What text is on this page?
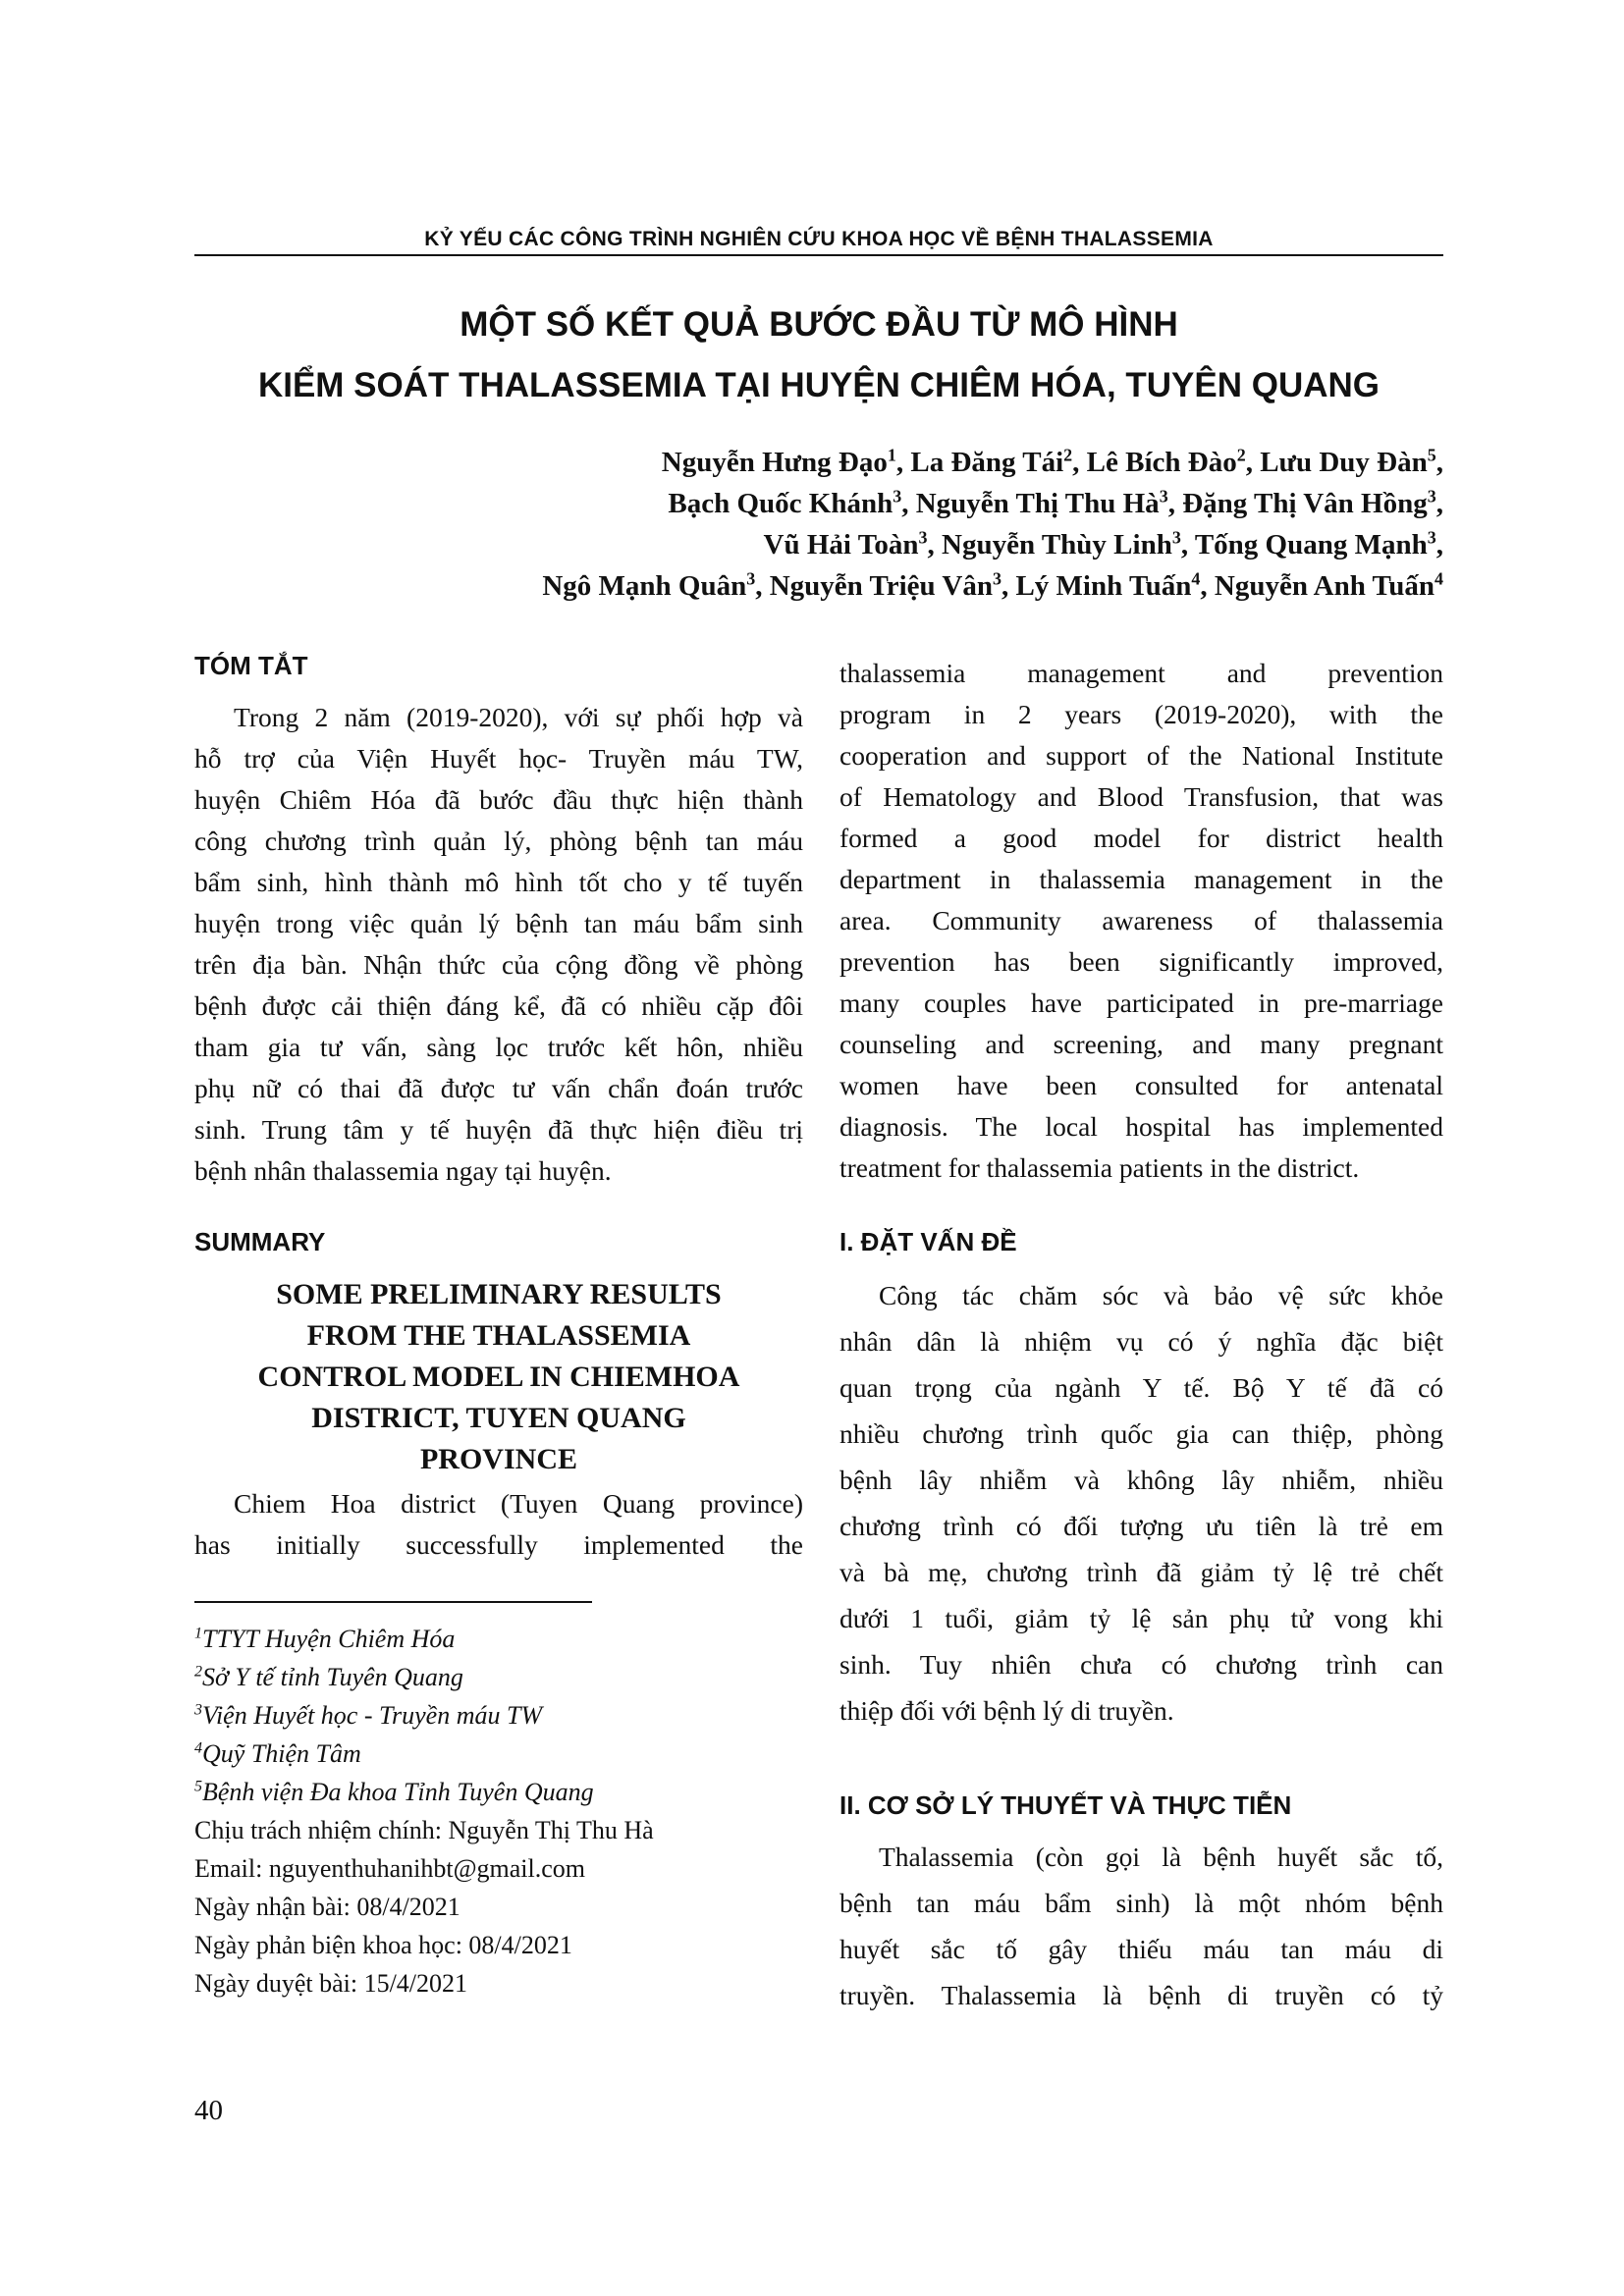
KỶ YẾU CÁC CÔNG TRÌNH NGHIÊN CỨU KHOA HỌC VỀ BỆNH THALASSEMIA
MỘT SỐ KẾT QUẢ BƯỚC ĐẦU TỪ MÔ HÌNH
KIỂM SOÁT THALASSEMIA TẠI HUYỆN CHIÊM HÓA, TUYÊN QUANG
Nguyễn Hưng Đạo$^1$, La Đăng Tái$^2$, Lê Bích Đào$^2$, Lưu Duy Đàn$^5$,
Bạch Quốc Khánh$^3$, Nguyễn Thị Thu $Hà^3$, Đặng Thị Vân Hồng$^3$,
Vũ Hải Toàn$^3$, Nguyễn Thùy Linh$^3$, Tống Quang Mạnh$^3$,
Ngô Mạnh Quân$^3$, Nguyễn Triệu Vân$^3$, Lý Minh Tuấn$^4$, Nguyễn Anh Tuấn$^4$
TÓM TẮT
Trong 2 năm (2019-2020), với sự phối hợp và
hỗ trợ của Viện Huyết học- Truyền máu TW,
huyện Chiêm Hóa đã bước đầu thực hiện thành
công chương trình quản lý, phòng bệnh tan máu
bẩm sinh, hình thành mô hình tốt cho y tế tuyến
huyện trong việc quản lý bệnh tan máu bẩm sinh
trên địa bàn. Nhận thức của cộng đồng về phòng
bệnh được cải thiện đáng kể, đã có nhiều cặp đôi
tham gia tư vấn, sàng lọc trước kết hôn, nhiều
phụ nữ có thai đã được tư vấn chẩn đoán trước
sinh. Trung tâm y tế huyện đã thực hiện điều trị
bệnh nhân thalassemia ngay tại huyện.
SUMMARY
SOME PRELIMINARY RESULTS
FROM THE THALASSEMIA
CONTROL MODEL IN CHIEMHOA
DISTRICT, TUYEN QUANG
PROVINCE
Chiem Hoa district (Tuyen Quang province)
has initially successfully implemented the
$^1$TTYT Huyện Chiêm Hóa
$^2$Sở Y tế tỉnh Tuyên Quang
$^3$Viện Huyết học - Truyền máu TW
$^4$Quỹ Thiện Tâm
$^5$Bệnh viện Đa khoa Tỉnh Tuyên Quang
Chịu trách nhiệm chính: Nguyễn Thị Thu Hà
Email: nguyenthuhanihbt@gmail.com
Ngày nhận bài: 08/4/2021
Ngày phản biện khoa học: 08/4/2021
Ngày duyệt bài: 15/4/2021
40
thalassemia management and prevention
program in 2 years (2019-2020), with the
cooperation and support of the National Institute
of Hematology and Blood Transfusion, that was
formed a good model for district health
department in thalassemia management in the
area. Community awareness of thalassemia
prevention has been significantly improved,
many couples have participated in pre-marriage
counseling and screening, and many pregnant
women have been consulted for antenatal
diagnosis. The local hospital has implemented
treatment for thalassemia patients in the district.
I. ĐẶT VẤN ĐỀ
Công tác chăm sóc và bảo vệ sức khỏe
nhân dân là nhiệm vụ có ý nghĩa đặc biệt
quan trọng của ngành Y tế. Bộ Y tế đã có
nhiều chương trình quốc gia can thiệp, phòng
bệnh lây nhiễm và không lây nhiễm, nhiều
chương trình có đối tượng ưu tiên là trẻ em
và bà mẹ, chương trình đã giảm tỷ lệ trẻ chết
dưới 1 tuổi, giảm tỷ lệ sản phụ tử vong khi
sinh. Tuy nhiên chưa có chương trình can
thiệp đối với bệnh lý di truyền.
II. CƠ SỞ LÝ THUYẾT VÀ THỰC TIỄN
Thalassemia (còn gọi là bệnh huyết sắc tố,
bệnh tan máu bẩm sinh) là một nhóm bệnh
huyết sắc tố gây thiếu máu tan máu di
truyền. Thalassemia là bệnh di truyền có tỷ
